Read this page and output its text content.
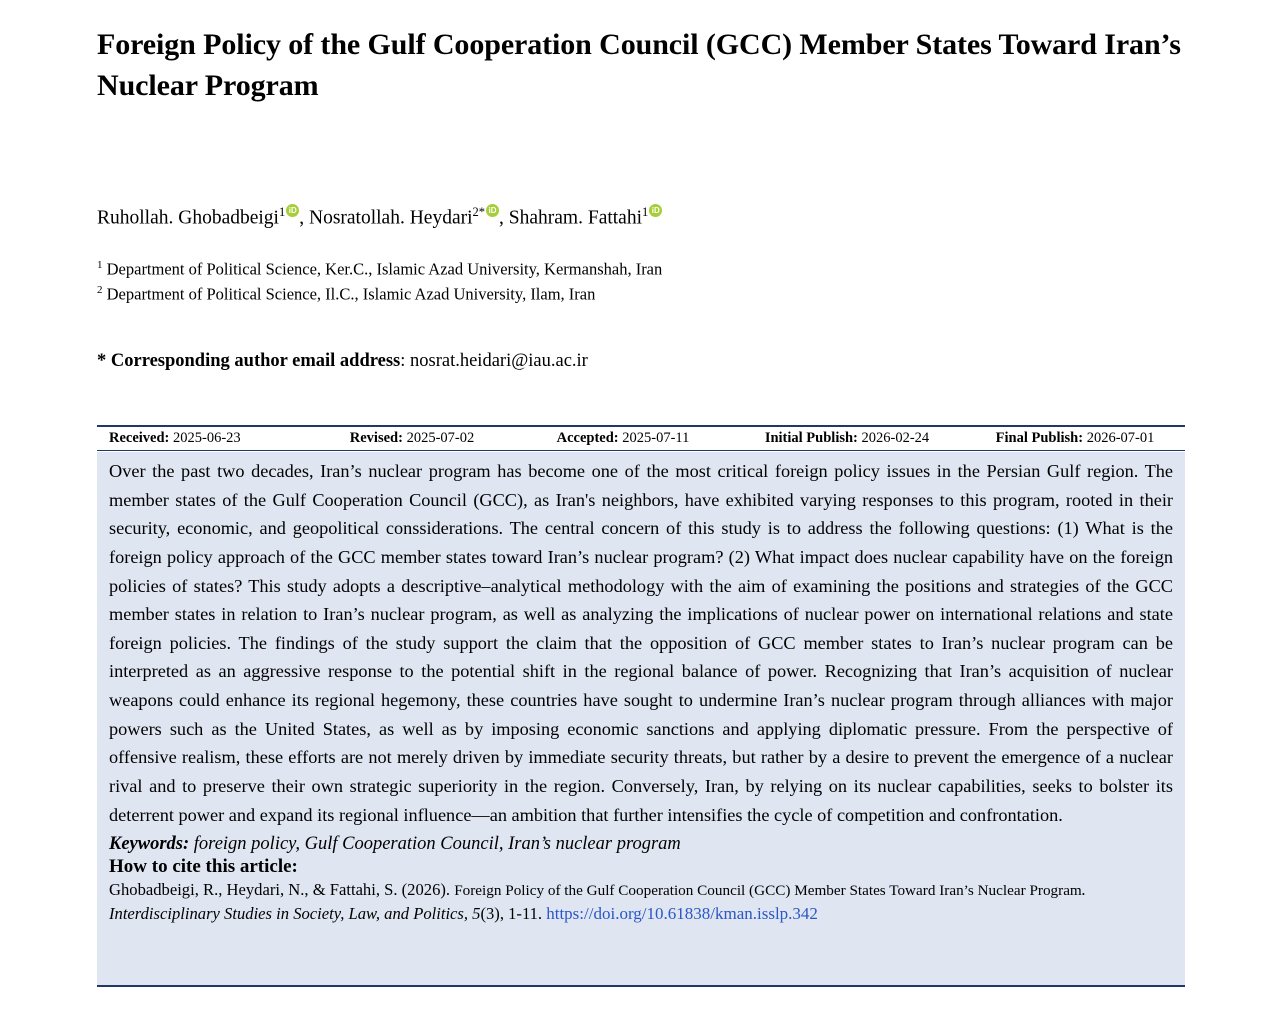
Foreign Policy of the Gulf Cooperation Council (GCC) Member States Toward Iran’s Nuclear Program
Ruhollah. Ghobadbeigi$^1$ iD , Nosratollah. Heydari$^{2*}$ iD , Shahram. Fattahi$^1$iD
$^1$ Department of Political Science, Ker.C., Islamic Azad University, Kermanshah, Iran
$^2$ Department of Political Science, Il.C., Islamic Azad University, Ilam, Iran
* Corresponding author email address: nosrat.heidari@iau.ac.ir
Received: 2025-06-23	Revised: 2025-07-02	Accepted: 2025-07-11	Initial Publish: 2026-02-24	Final Publish: 2026-07-01

Over the past two decades, Iran’s nuclear program has become one of the most critical foreign policy issues in the Persian Gulf region. The member states of the Gulf Cooperation Council (GCC), as Iran's neighbors, have exhibited varying responses to this program, rooted in their security, economic, and geopolitical conssiderations. The central concern of this study is to address the following questions: (1) What is the foreign policy approach of the GCC member states toward Iran’s nuclear program? (2) What impact does nuclear capability have on the foreign policies of states? This study adopts a descriptive–analytical methodology with the aim of examining the positions and strategies of the GCC member states in relation to Iran’s nuclear program, as well as analyzing the implications of nuclear power on international relations and state foreign policies. The findings of the study support the claim that the opposition of GCC member states to Iran’s nuclear program can be interpreted as an aggressive response to the potential shift in the regional balance of power. Recognizing that Iran’s acquisition of nuclear weapons could enhance its regional hegemony, these countries have sought to undermine Iran’s nuclear program through alliances with major powers such as the United States, as well as by imposing economic sanctions and applying diplomatic pressure. From the perspective of offensive realism, these efforts are not merely driven by immediate security threats, but rather by a desire to prevent the emergence of a nuclear rival and to preserve their own strategic superiority in the region. Conversely, Iran, by relying on its nuclear capabilities, seeks to bolster its deterrent power and expand its regional influence—an ambition that further intensifies the cycle of competition and confrontation.

Keywords: foreign policy, Gulf Cooperation Council, Iran’s nuclear program
How to cite this article:
Ghobadbeigi, R., Heydari, N., & Fattahi, S. (2026). Foreign Policy of the Gulf Cooperation Council (GCC) Member States Toward Iran’s Nuclear Program. Interdisciplinary Studies in Society, Law, and Politics, 5(3), 1-11. https://doi.org/10.61838/kman.isslp.342
